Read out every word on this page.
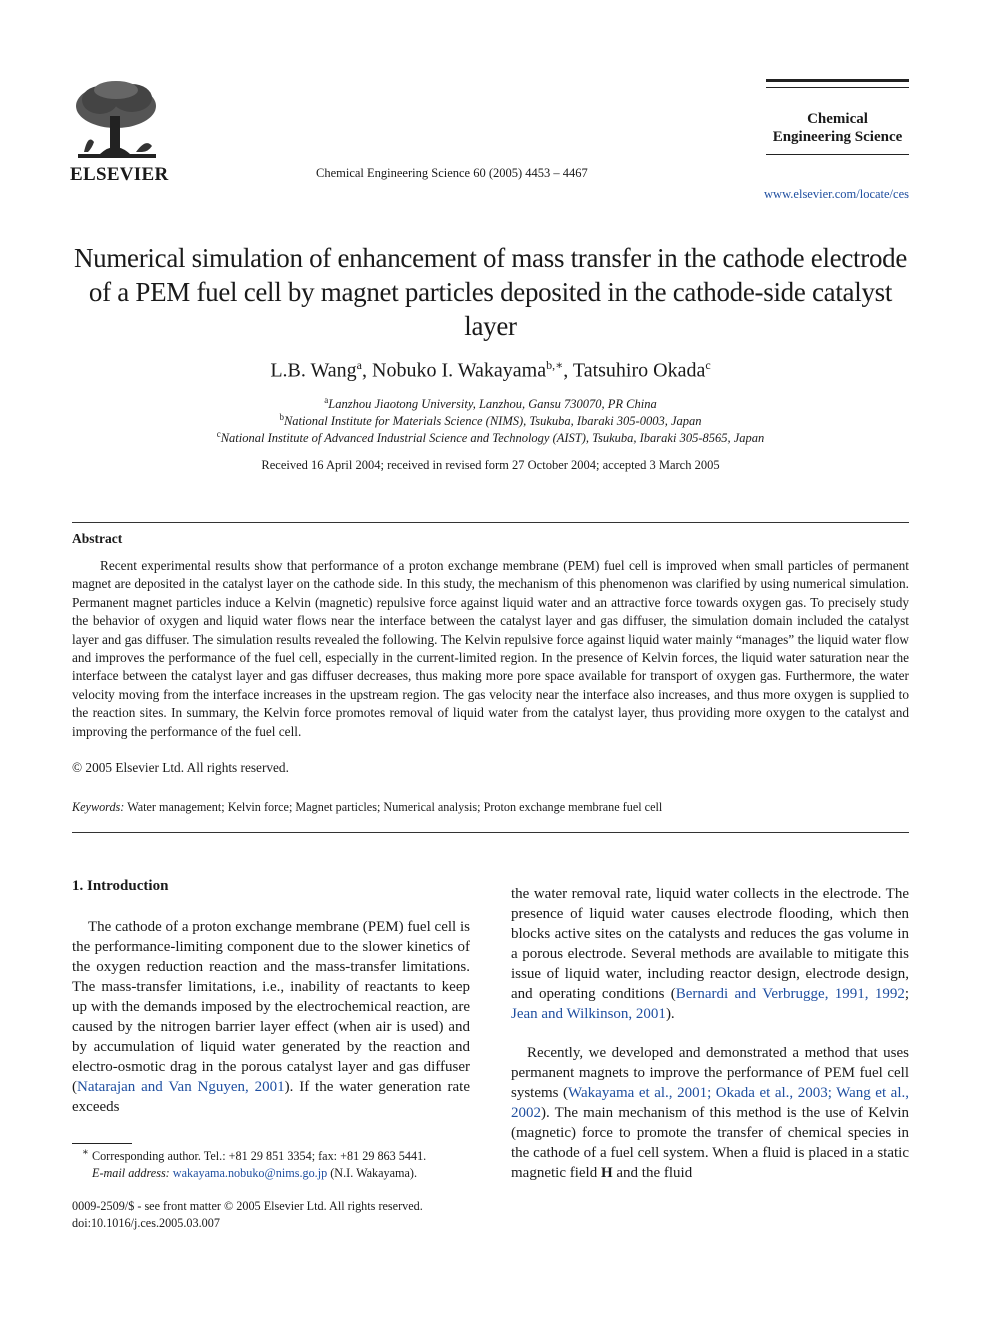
ELSEVIER	Chemical Engineering Science 60 (2005) 4453 – 4467
Chemical
Engineering Science
www.elsevier.com/locate/ces
Numerical simulation of enhancement of mass transfer in the cathode electrode of a PEM fuel cell by magnet particles deposited in the cathode-side catalyst layer
L.B. Wang$^a$, Nobuko I. Wakayama$^{b,∗}$, Tatsuhiro Okada$^c$
$^a$Lanzhou Jiaotong University, Lanzhou, Gansu 730070, PR China
$^b$National Institute for Materials Science (NIMS), Tsukuba, Ibaraki 305-0003, Japan
$^c$National Institute of Advanced Industrial Science and Technology (AIST), Tsukuba, Ibaraki 305-8565, Japan
Received 16 April 2004; received in revised form 27 October 2004; accepted 3 March 2005
Abstract
Recent experimental results show that performance of a proton exchange membrane (PEM) fuel cell is improved when small particles of permanent magnet are deposited in the catalyst layer on the cathode side. In this study, the mechanism of this phenomenon was clarified by using numerical simulation. Permanent magnet particles induce a Kelvin (magnetic) repulsive force against liquid water and an attractive force towards oxygen gas. To precisely study the behavior of oxygen and liquid water flows near the interface between the catalyst layer and gas diffuser, the simulation domain included the catalyst layer and gas diffuser. The simulation results revealed the following. The Kelvin repulsive force against liquid water mainly “manages” the liquid water flow and improves the performance of the fuel cell, especially in the current-limited region. In the presence of Kelvin forces, the liquid water saturation near the interface between the catalyst layer and gas diffuser decreases, thus making more pore space available for transport of oxygen gas. Furthermore, the water velocity moving from the interface increases in the upstream region. The gas velocity near the interface also increases, and thus more oxygen is supplied to the reaction sites. In summary, the Kelvin force promotes removal of liquid water from the catalyst layer, thus providing more oxygen to the catalyst and improving the performance of the fuel cell.
© 2005 Elsevier Ltd. All rights reserved.
Keywords: Water management; Kelvin force; Magnet particles; Numerical analysis; Proton exchange membrane fuel cell
1. Introduction
The cathode of a proton exchange membrane (PEM) fuel cell is the performance-limiting component due to the slower kinetics of the oxygen reduction reaction and the mass-transfer limitations. The mass-transfer limitations, i.e., inability of reactants to keep up with the demands imposed by the electrochemical reaction, are caused by the nitrogen barrier layer effect (when air is used) and by accumulation of liquid water generated by the reaction and electro-osmotic drag in the porous catalyst layer and gas diffuser (Natarajan and Van Nguyen, 2001). If the water generation rate exceeds
the water removal rate, liquid water collects in the electrode. The presence of liquid water causes electrode flooding, which then blocks active sites on the catalysts and reduces the gas volume in a porous electrode. Several methods are available to mitigate this issue of liquid water, including reactor design, electrode design, and operating conditions (Bernardi and Verbrugge, 1991, 1992; Jean and Wilkinson, 2001).
Recently, we developed and demonstrated a method that uses permanent magnets to improve the performance of PEM fuel cell systems (Wakayama et al., 2001; Okada et al., 2003; Wang et al., 2002). The main mechanism of this method is the use of Kelvin (magnetic) force to promote the transfer of chemical species in the cathode of a fuel cell system. When a fluid is placed in a static magnetic field H and the fluid
∗ Corresponding author. Tel.: +81 29 851 3354; fax: +81 29 863 5441.
E-mail address: wakayama.nobuko@nims.go.jp (N.I. Wakayama).
0009-2509/$ - see front matter © 2005 Elsevier Ltd. All rights reserved.
doi:10.1016/j.ces.2005.03.007
